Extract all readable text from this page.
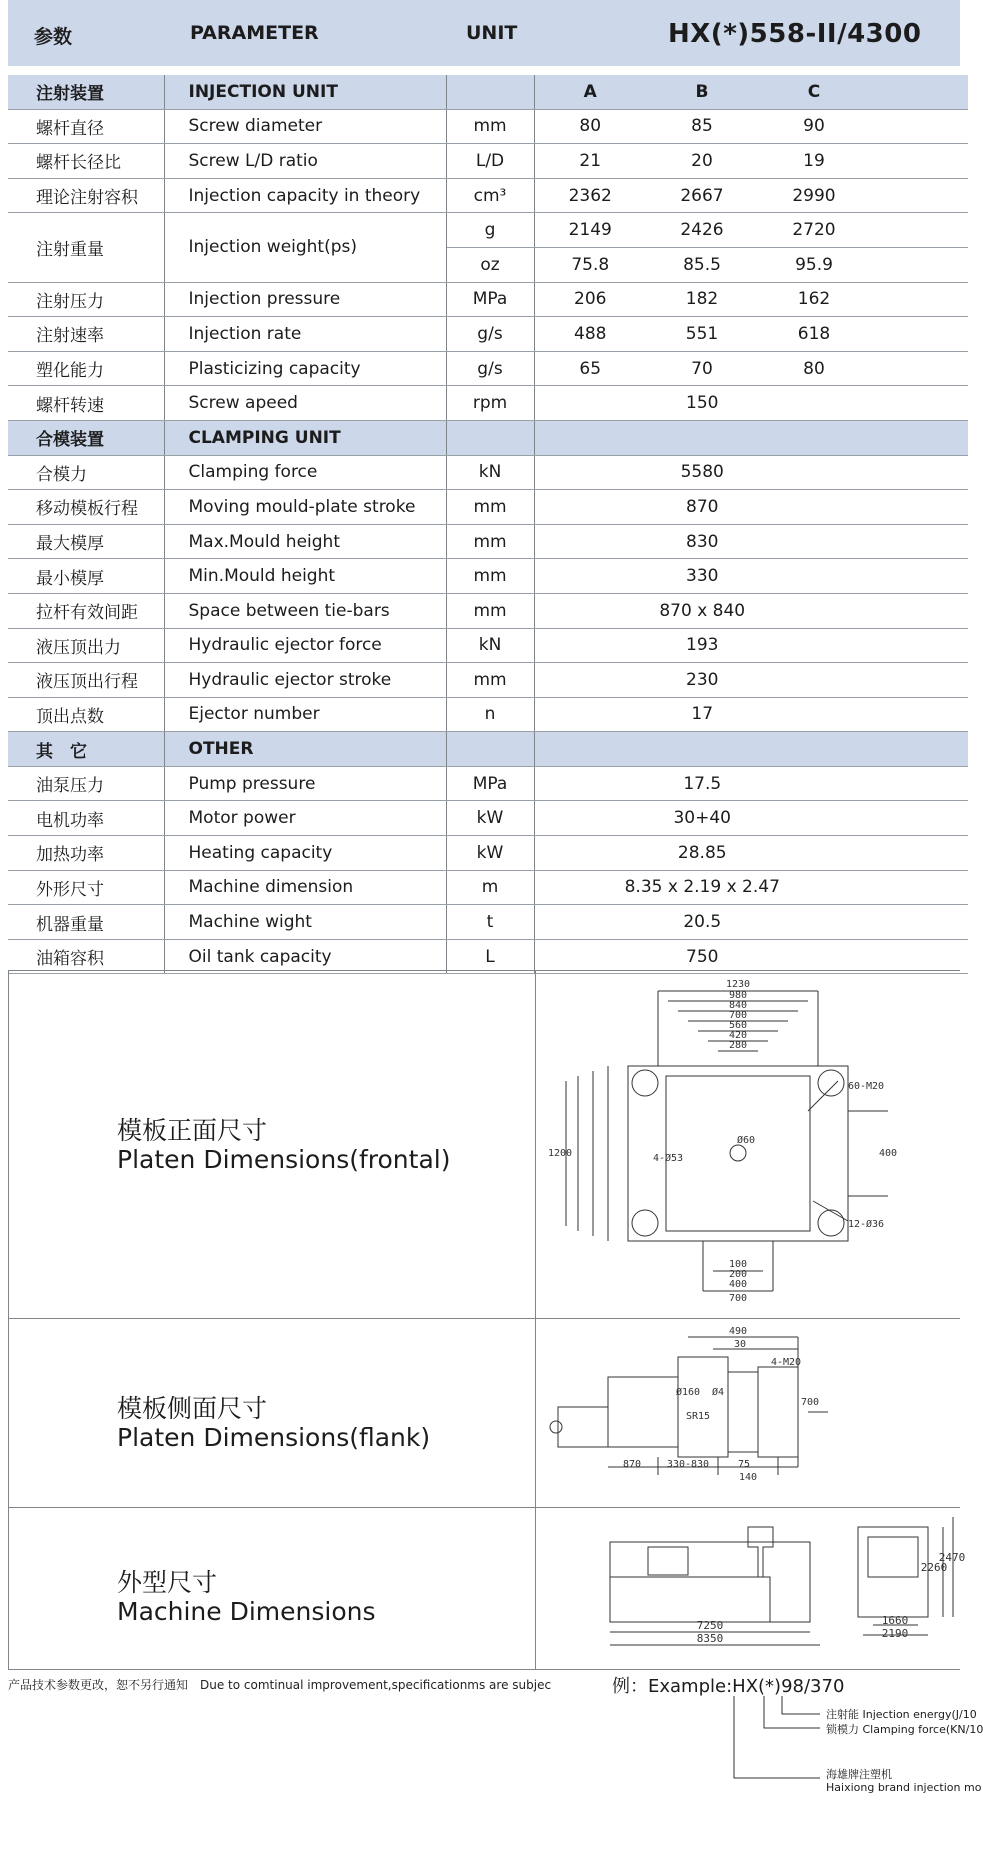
参数	PARAMETER	UNIT	HX(*)558-II/4300
注射装置	INJECTION UNIT		A	B	C	
螺杆直径	Screw diameter	mm	80	85	90	
螺杆长径比	Screw L/D ratio	L/D	21	20	19	
理论注射容积	Injection capacity in theory	cm³	2362	2667	2990	
注射重量	Injection weight(ps)	g	2149	2426	2720	
		oz	75.8	85.5	95.9	
注射压力	Injection pressure	MPa	206	182	162	
注射速率	Injection rate	g/s	488	551	618	
塑化能力	Plasticizing capacity	g/s	65	70	80	
螺杆转速	Screw apeed	rpm	150			
合模装置	CLAMPING UNIT					
合模力	Clamping force	kN	5580			
移动模板行程	Moving mould-plate stroke	mm	870			
最大模厚	Max.Mould height	mm	830			
最小模厚	Min.Mould height	mm	330			
拉杆有效间距	Space between tie-bars	mm	870 x 840			
液压顶出力	Hydraulic ejector force	kN	193			
液压顶出行程	Hydraulic ejector stroke	mm	230			
顶出点数	Ejector number	n	17			
其　它	OTHER					
油泵压力	Pump pressure	MPa	17.5			
电机功率	Motor power	kW	30+40			
加热功率	Heating capacity	kW	28.85			
外形尺寸	Machine dimension	m	8.35 x 2.19 x 2.47			
机器重量	Machine wight	t	20.5			
油箱容积	Oil tank capacity	L	750			
模板正面尺寸
Platen Dimensions(frontal)
1230
980
840
700
560
420
280
1200
60-M20
Ø60
4-Ø53	400
12-Ø36
100
200
400
700
模板侧面尺寸
Platen Dimensions(flank)
490
30
4-M20
Ø160 Ø4
SR15
700
870	330-830	75
140
外型尺寸
Machine Dimensions	7250
8350
1660
2190
2260
2470
产品技术参数更改，恕不另行通知　Due to comtinual improvement,specificationms are subjec	例：Example:HX(*)98/370
注射能 Injection energy(J/10
锁模力 Clamping force(KN/10
海雄牌注塑机
Haixiong brand injection mo
